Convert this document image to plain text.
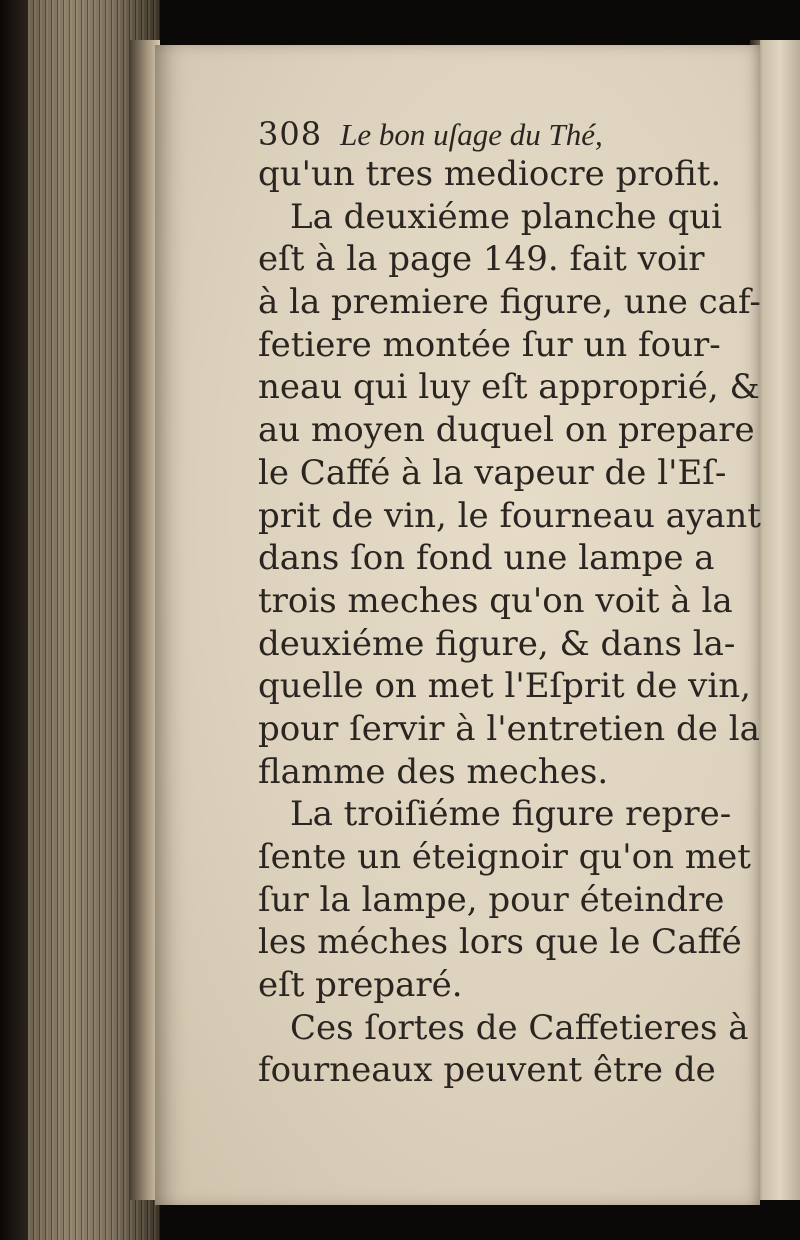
308 Le bon uſage du Thé,
qu'un tres mediocre profit.
La deuxiéme planche qui
eſt à la page 149. fait voir
à la premiere figure, une caf-
fetiere montée ſur un four-
neau qui luy eſt approprié, &
au moyen duquel on prepare
le Caffé à la vapeur de l'Eſ-
prit de vin, le fourneau ayant
dans ſon fond une lampe a
trois meches qu'on voit à la
deuxiéme figure, & dans la-
quelle on met l'Eſprit de vin,
pour ſervir à l'entretien de la
flamme des meches.
La troiſiéme figure repre-
ſente un éteignoir qu'on met
ſur la lampe, pour éteindre
les méches lors que le Caffé
eſt preparé.
Ces ſortes de Caffetieres à
fourneaux peuvent être de
